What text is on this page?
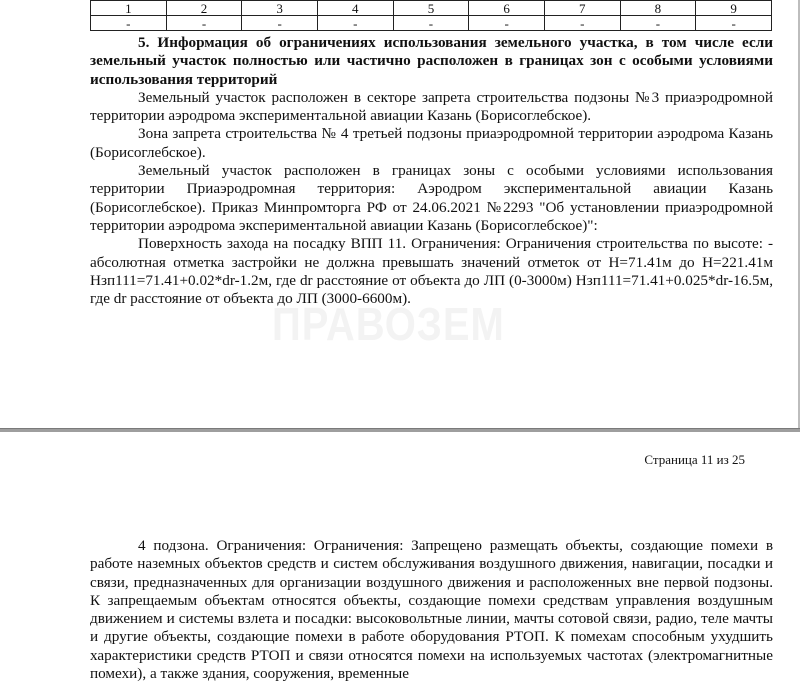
1	2	3	4	5	6	7	8	9
-	-	-	-	-	-	-	-	-

5. Информация об ограничениях использования земельного участка, в том числе если земельный участок полностью или частично расположен в границах зон с особыми условиями использования территорий

Земельный участок расположен в секторе запрета строительства подзоны №3 приаэродромной территории аэродрома экспериментальной авиации Казань (Борисоглебское).

Зона запрета строительства № 4 третьей подзоны приаэродромной территории аэродрома Казань (Борисоглебское).

Земельный участок расположен в границах зоны с особыми условиями использования территории Приаэродромная территория: Аэродром экспериментальной авиации Казань (Борисоглебское). Приказ Минпромторга РФ от 24.06.2021 №2293 "Об установлении приаэродромной территории аэродрома экспериментальной авиации Казань (Борисоглебское)":

Поверхность захода на посадку ВПП 11. Ограничения: Ограничения строительства по высоте: - абсолютная отметка застройки не должна превышать значений отметок от Н=71.41м до Н=221.41м Нзп111=71.41+0.02*dr-1.2м, где dr расстояние от объекта до ЛП (0-3000м) Нзп111=71.41+0.025*dr-16.5м, где dr расстояние от объекта до ЛП (3000-6600м).

ПРАВОЗЕМ
Страница 11 из 25

4 подзона. Ограничения: Ограничения: Запрещено размещать объекты, создающие помехи в работе наземных объектов средств и систем обслуживания воздушного движения, навигации, посадки и связи, предназначенных для организации воздушного движения и расположенных вне первой подзоны. К запрещаемым объектам относятся объекты, создающие помехи средствам управления воздушным движением и системы взлета и посадки: высоковольтные линии, мачты сотовой связи, радио, теле мачты и другие объекты, создающие помехи в работе оборудования РТОП. К помехам способным ухудшить характеристики средств РТОП и связи относятся помехи на используемых частотах (электромагнитные помехи), а также здания, сооружения, временные
